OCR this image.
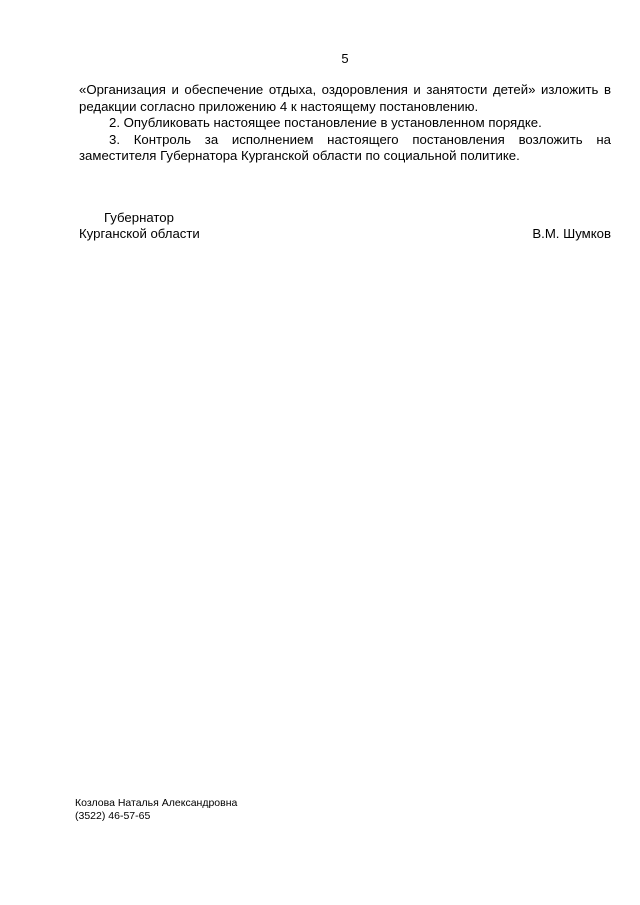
5

«Организация и обеспечение отдыха, оздоровления и занятости детей» изложить в редакции согласно приложению 4 к настоящему постановлению.

2. Опубликовать настоящее постановление в установленном порядке.

3. Контроль за исполнением настоящего постановления возложить на заместителя Губернатора Курганской области по социальной политике.

Губернатор
Курганской области	В.М. Шумков
Козлова Наталья Александровна
(3522) 46-57-65
